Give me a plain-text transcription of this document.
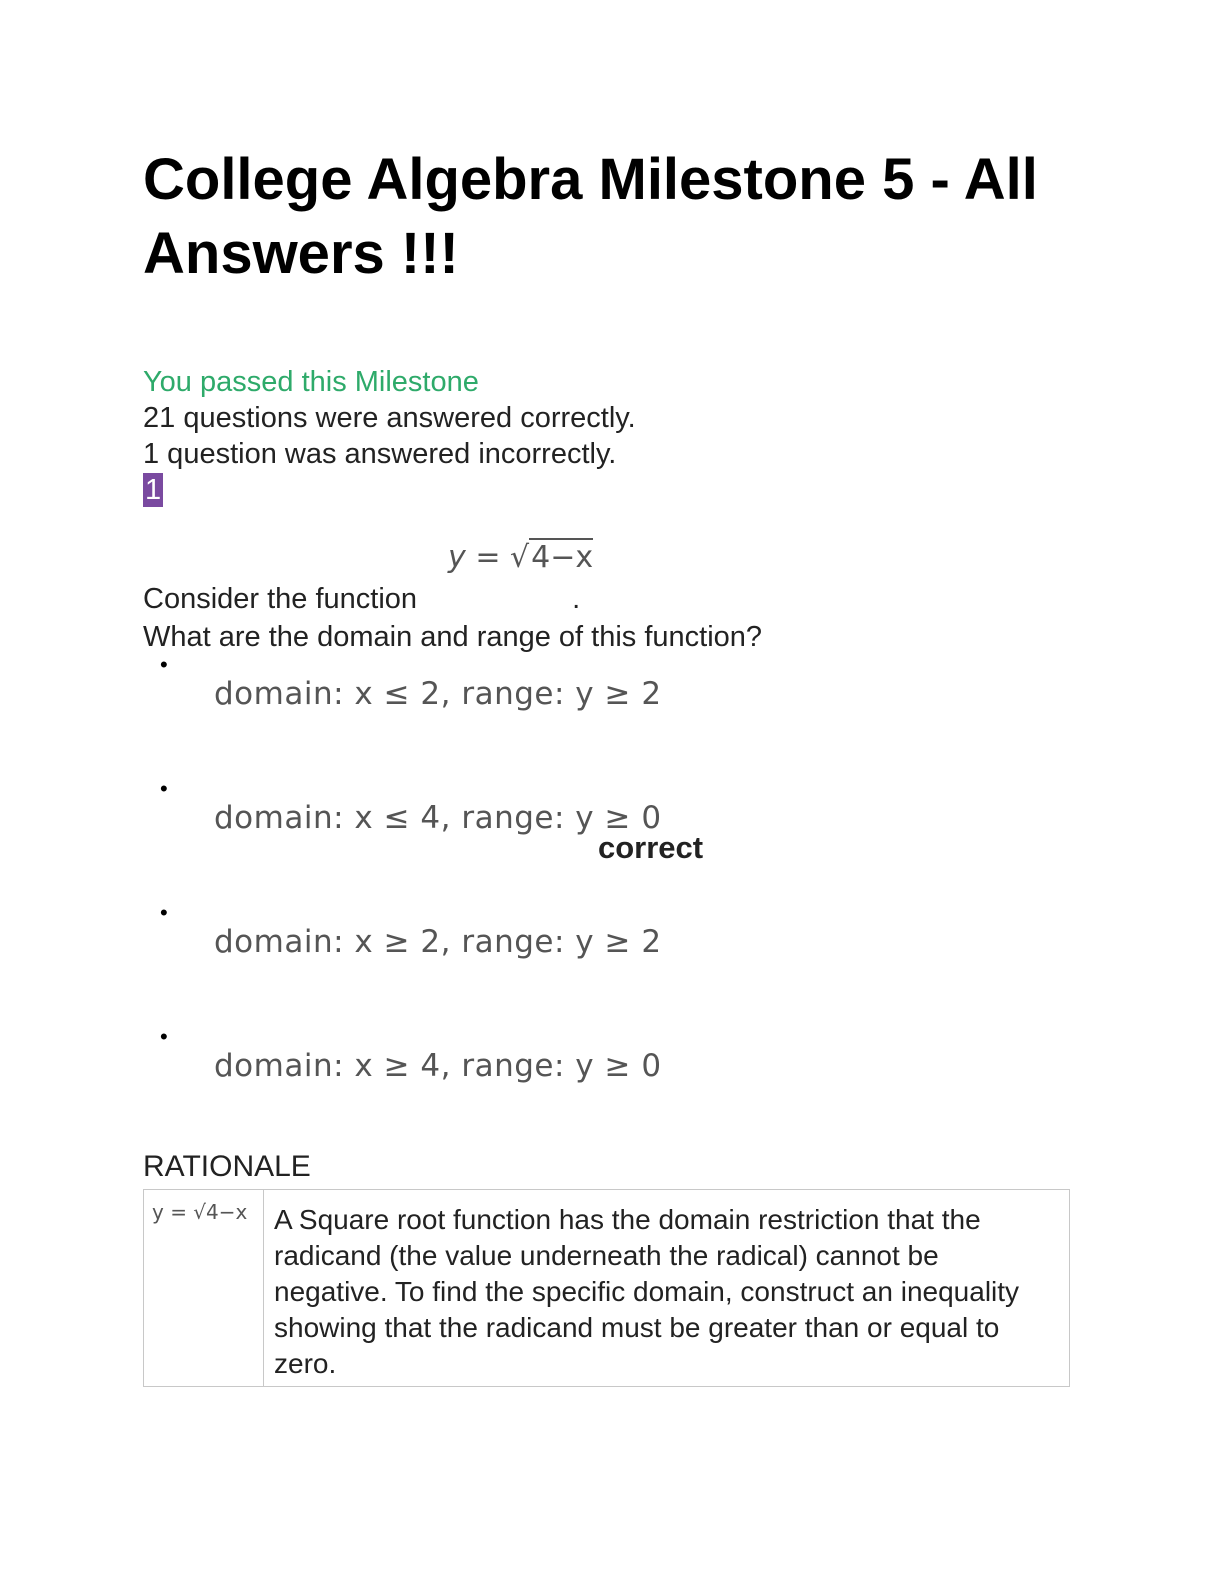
College Algebra Milestone 5 - All Answers !!!
You passed this Milestone
21 questions were answered correctly.
1 question was answered incorrectly.
1
y = √4−x
Consider the function	.
What are the domain and range of this function?
•
domain: x ≤ 2, range: y ≥ 2
•
domain: x ≤ 4, range: y ≥ 0
correct
•
domain: x ≥ 2, range: y ≥ 2
•
domain: x ≥ 4, range: y ≥ 0
RATIONALE
y = √4−x A Square root function has the domain restriction that the radicand (the value underneath the radical) cannot be negative. To find the specific domain, construct an inequality showing that the radicand must be greater than or equal to zero.
